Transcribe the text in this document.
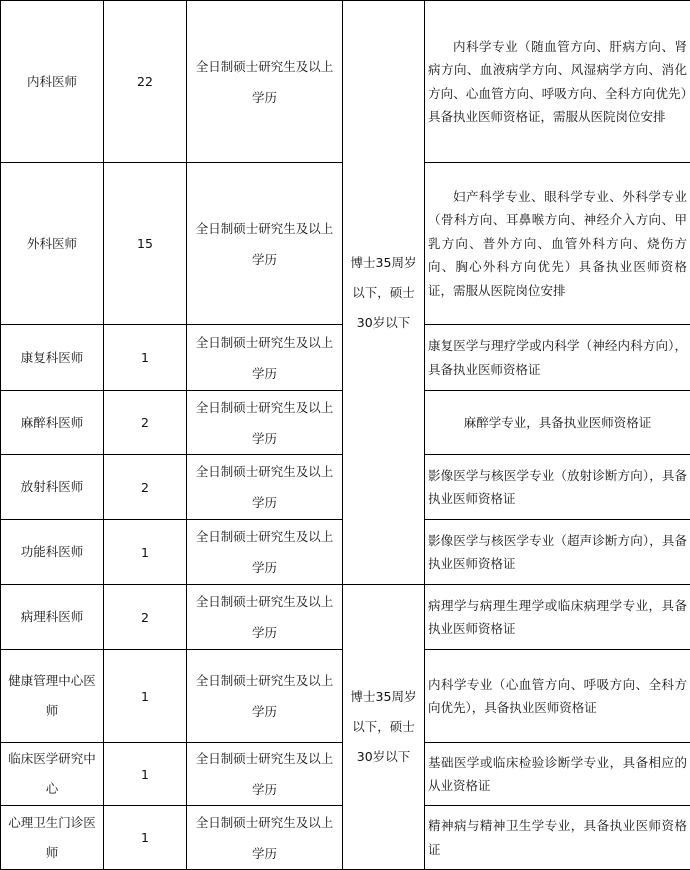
内科医师	22	全日制硕士研究生及以上学历	博士35周岁以下，硕士30岁以下	内科学专业（随血管方向、肝病方向、肾病方向、血液病学方向、风湿病学方向、消化方向、心血管方向、呼吸方向、全科方向优先）具备执业医师资格证，需服从医院岗位安排
外科医师	15	全日制硕士研究生及以上学历		妇产科学专业、眼科学专业、外科学专业（骨科方向、耳鼻喉方向、神经介入方向、甲乳方向、普外方向、血管外科方向、烧伤方向、胸心外科方向优先）具备执业医师资格证，需服从医院岗位安排
康复科医师	1	全日制硕士研究生及以上学历		康复医学与理疗学或内科学（神经内科方向），具备执业医师资格证
麻醉科医师	2	全日制硕士研究生及以上学历		麻醉学专业，具备执业医师资格证
放射科医师	2	全日制硕士研究生及以上学历		影像医学与核医学专业（放射诊断方向），具备执业医师资格证
功能科医师	1	全日制硕士研究生及以上学历		影像医学与核医学专业（超声诊断方向），具备执业医师资格证
病理科医师	2	全日制硕士研究生及以上学历	博士35周岁以下，硕士30岁以下	病理学与病理生理学或临床病理学专业，具备执业医师资格证
健康管理中心医师	1	全日制硕士研究生及以上学历		内科学专业（心血管方向、呼吸方向、全科方向优先），具备执业医师资格证
临床医学研究中心	1	全日制硕士研究生及以上学历		基础医学或临床检验诊断学专业，具备相应的从业资格证
心理卫生门诊医师	1	全日制硕士研究生及以上学历		精神病与精神卫生学专业，具备执业医师资格证
